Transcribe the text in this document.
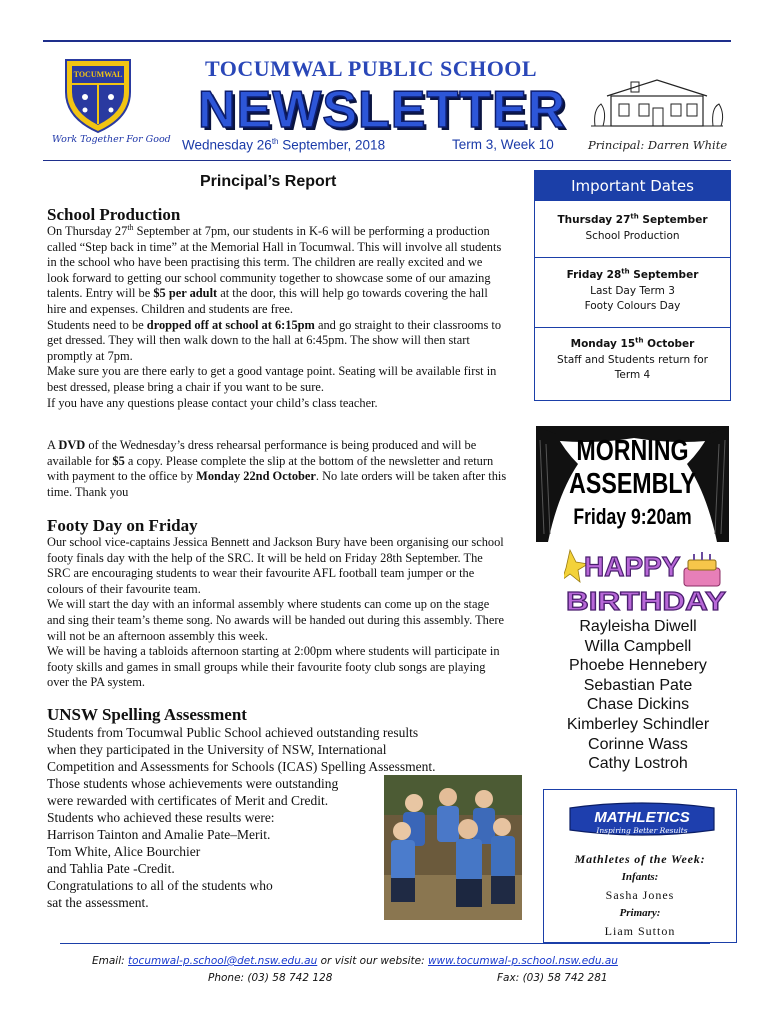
TOCUMWAL
Work Together For Good
TOCUMWAL PUBLIC SCHOOL
NEWSLETTER
Wednesday 26th September, 2018	Term 3, Week 10	Principal: Darren White
Principal’s Report
School Production

On Thursday 27th September at 7pm, our students in K-6 will be performing a production called “Step back in time” at the Memorial Hall in Tocumwal. This will involve all students in the school who have been practising this term. The children are really excited and we look forward to getting our school community together to showcase some of our amazing talents. Entry will be $5 per adult at the door, this will help go towards covering the hall hire and expenses. Children and students are free.

Students need to be dropped off at school at 6:15pm and go straight to their classrooms to get dressed. They will then walk down to the hall at 6:45pm. The show will then start promptly at 7pm.

Make sure you are there early to get a good vantage point. Seating will be available first in best dressed, please bring a chair if you want to be sure.

If you have any questions please contact your child’s class teacher.

A DVD of the Wednesday’s dress rehearsal performance is being produced and will be available for $5 a copy. Please complete the slip at the bottom of the newsletter and return with payment to the office by Monday 22nd October. No late orders will be taken after this time. Thank you

Footy Day on Friday

Our school vice-captains Jessica Bennett and Jackson Bury have been organising our school footy finals day with the help of the SRC. It will be held on Friday 28th September. The SRC are encouraging students to wear their favourite AFL football team jumper or the colours of their favourite team.

We will start the day with an informal assembly where students can come up on the stage and sing their team’s theme song. No awards will be handed out during this assembly. There will not be an afternoon assembly this week.

We will be having a tabloids afternoon starting at 2:00pm where students will participate in footy skills and games in small groups while their favourite footy club songs are playing over the PA system.

UNSW Spelling Assessment
Students from Tocumwal Public School achieved outstanding results
when they participated in the University of NSW, International
Competition and Assessments for Schools (ICAS) Spelling Assessment.
Those students whose achievements were outstanding
were rewarded with certificates of Merit and Credit.
Students who achieved these results were:
Harrison Tainton and Amalie Pate–Merit.
Tom White, Alice Bourchier
and Tahlia Pate -Credit.
Congratulations to all of the students who
sat the assessment.
Important Dates
Thursday 27th September
School Production
Friday 28th September
Last Day Term 3
Footy Colours Day
Monday 15th October
Staff and Students return for
Term 4
MORNING
ASSEMBLY
Friday 9:20am
HAPPY
BIRTHDAY
Rayleisha Diwell
Willa Campbell
Phoebe Hennebery
Sebastian Pate
Chase Dickins
Kimberley Schindler
Corinne Wass
Cathy Lostroh
MATHLETICS
Inspiring Better Results
Mathletes of the Week:
Infants:
Sasha Jones
Primary:
Liam Sutton
Email: tocumwal-p.school@det.nsw.edu.au or visit our website: www.tocumwal-p.school.nsw.edu.au
Phone: (03) 58 742 128	Fax: (03) 58 742 281
